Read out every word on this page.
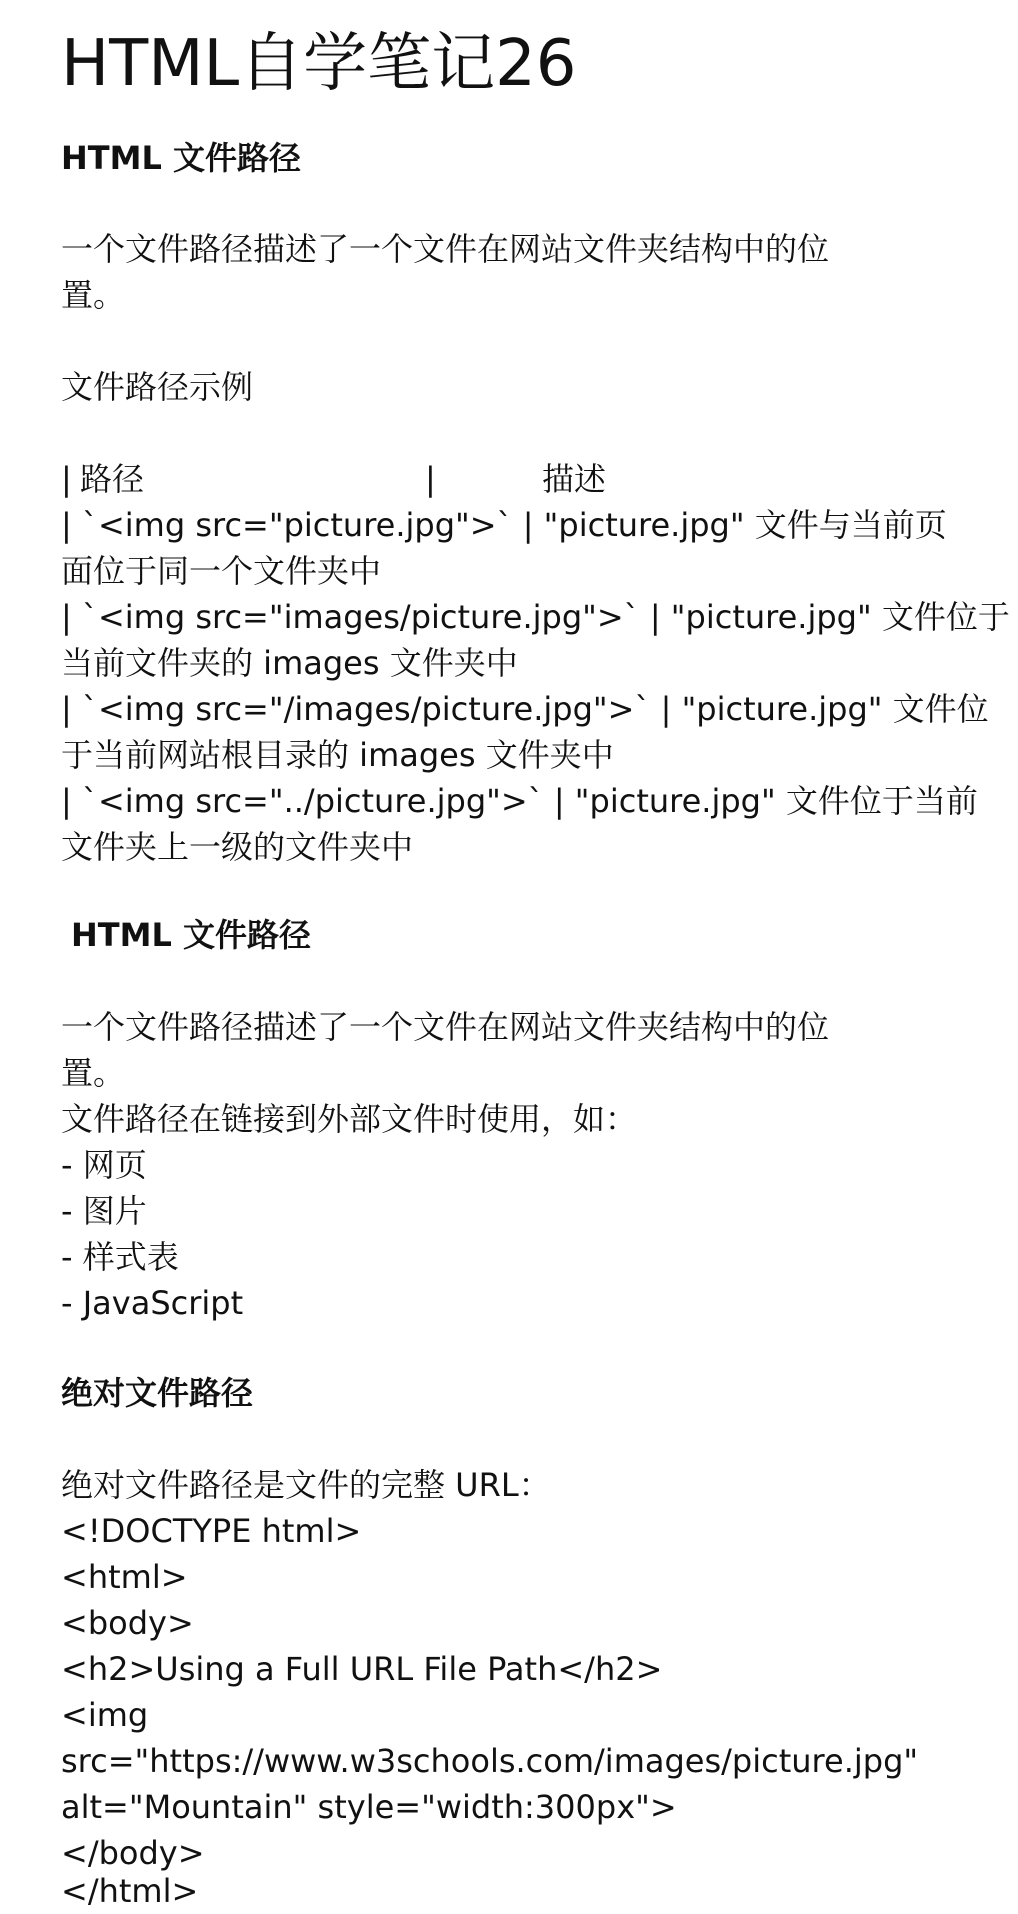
HTML自学笔记26
HTML 文件路径

一个文件路径描述了一个文件在网站文件夹结构中的位

置。

文件路径示例

| 路径	|	描述

| `<img src="picture.jpg">` | "picture.jpg" 文件与当前页

面位于同一个文件夹中

| `<img src="images/picture.jpg">` | "picture.jpg" 文件位于

当前文件夹的 images 文件夹中

| `<img src="/images/picture.jpg">` | "picture.jpg" 文件位

于当前网站根目录的 images 文件夹中

| `<img src="../picture.jpg">` | "picture.jpg" 文件位于当前

文件夹上一级的文件夹中

HTML 文件路径

一个文件路径描述了一个文件在网站文件夹结构中的位

置。

文件路径在链接到外部文件时使用，如：

- 网页

- 图片

- 样式表

- JavaScript

绝对文件路径

绝对文件路径是文件的完整 URL：

<!DOCTYPE html>

<html>

<body>

<h2>Using a Full URL File Path</h2>

<img

src="https://www.w3schools.com/images/picture.jpg"

alt="Mountain" style="width:300px">

</body>

</html>
